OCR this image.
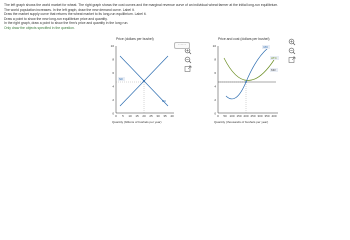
The left graph shows the world market for wheat. The right graph shows the cost curves and the marginal revenue curve of an individual wheat farmer at the initial long-run equilibrium.
The world population increases. In the left graph, draw the new demand curve. Label it.
Draw the market supply curve that returns the wheat market to its long-run equilibrium. Label it.
Draw a point to show the new long-run equilibrium price and quantity.
In the right graph, draw a point to show the firm's price and quantity in the long run.
Only draw the objects specified in the question.
Price (dollars per bushel)
10
8
6
4
2
0
0 5 10 15 20 25 30 35 40
S0
D0
Quantity (billions of bushels per year)
⋯⋯
Price and cost (dollars per bushel)
10
8
6
4
2
0
0 50 100 150 200 250 300 350 400
MC
ATC
MR
Quantity (thousands of bushels per year)
